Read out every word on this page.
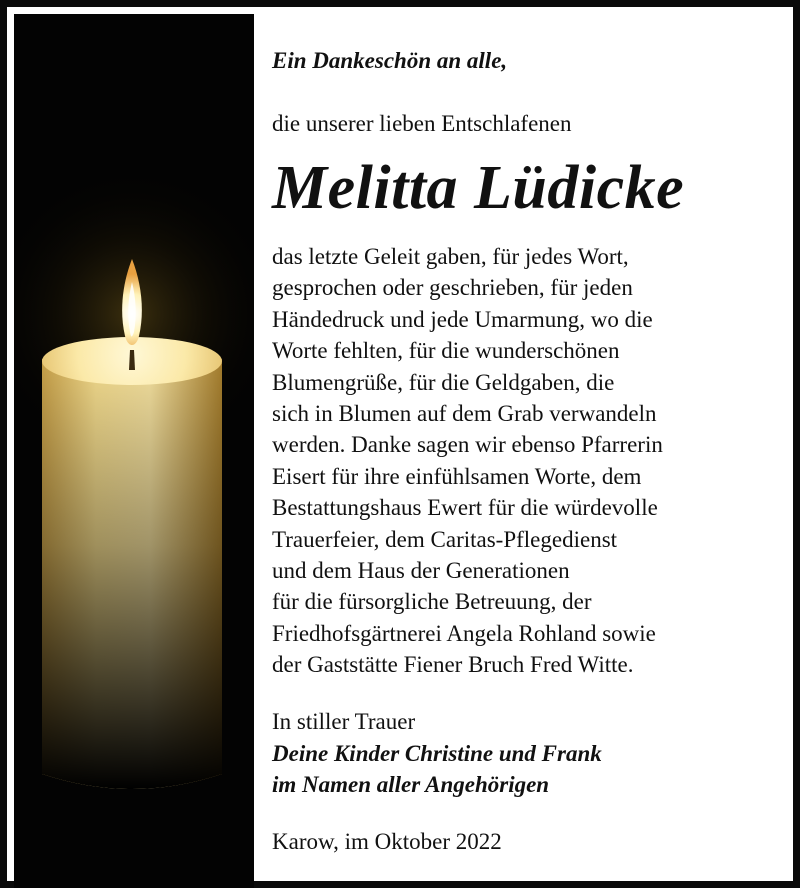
Ein Dankeschön an alle,
die unserer lieben Entschlafenen
Melitta Lüdicke
das letzte Geleit gaben, für jedes Wort,
gesprochen oder geschrieben, für jeden
Händedruck und jede Umarmung, wo die
Worte fehlten, für die wunderschönen
Blumengrüße, für die Geldgaben, die
sich in Blumen auf dem Grab verwandeln
werden. Danke sagen wir ebenso Pfarrerin
Eisert für ihre einfühlsamen Worte, dem
Bestattungshaus Ewert für die würdevolle
Trauerfeier, dem Caritas-Pflegedienst
und dem Haus der Generationen
für die fürsorgliche Betreuung, der
Friedhofsgärtnerei Angela Rohland sowie
der Gaststätte Fiener Bruch Fred Witte.
In stiller Trauer
Deine Kinder Christine und Frank
im Namen aller Angehörigen
Karow, im Oktober 2022
